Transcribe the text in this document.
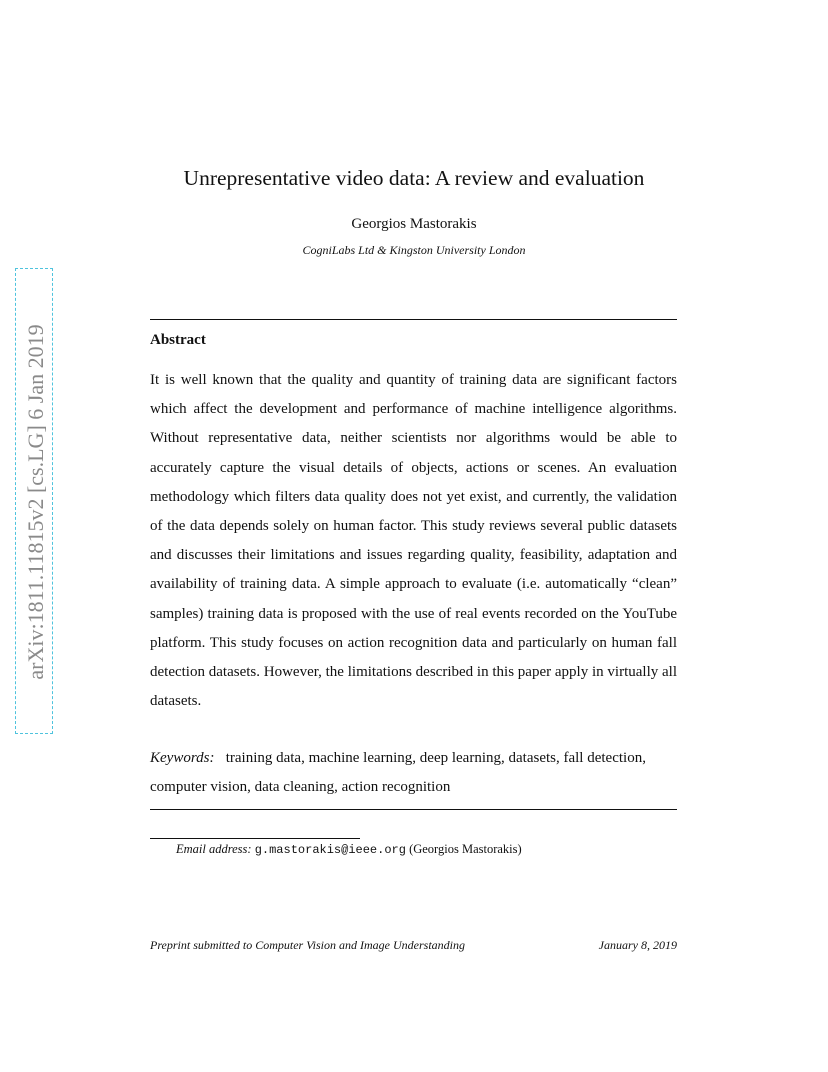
arXiv:1811.11815v2 [cs.LG] 6 Jan 2019
Unrepresentative video data: A review and evaluation
Georgios Mastorakis
CogniLabs Ltd & Kingston University London
Abstract

It is well known that the quality and quantity of training data are significant factors which affect the development and performance of machine intelligence algorithms. Without representative data, neither scientists nor algorithms would be able to accurately capture the visual details of objects, actions or scenes. An evaluation methodology which filters data quality does not yet exist, and currently, the validation of the data depends solely on human factor. This study reviews several public datasets and discusses their limitations and issues regarding quality, feasibility, adaptation and availability of training data. A simple approach to evaluate (i.e. automatically “clean” samples) training data is proposed with the use of real events recorded on the YouTube platform. This study focuses on action recognition data and particularly on human fall detection datasets. However, the limitations described in this paper apply in virtually all datasets.

Keywords: training data, machine learning, deep learning, datasets, fall detection, computer vision, data cleaning, action recognition

Email address: g.mastorakis@ieee.org (Georgios Mastorakis)
Preprint submitted to Computer Vision and Image Understanding	January 8, 2019
